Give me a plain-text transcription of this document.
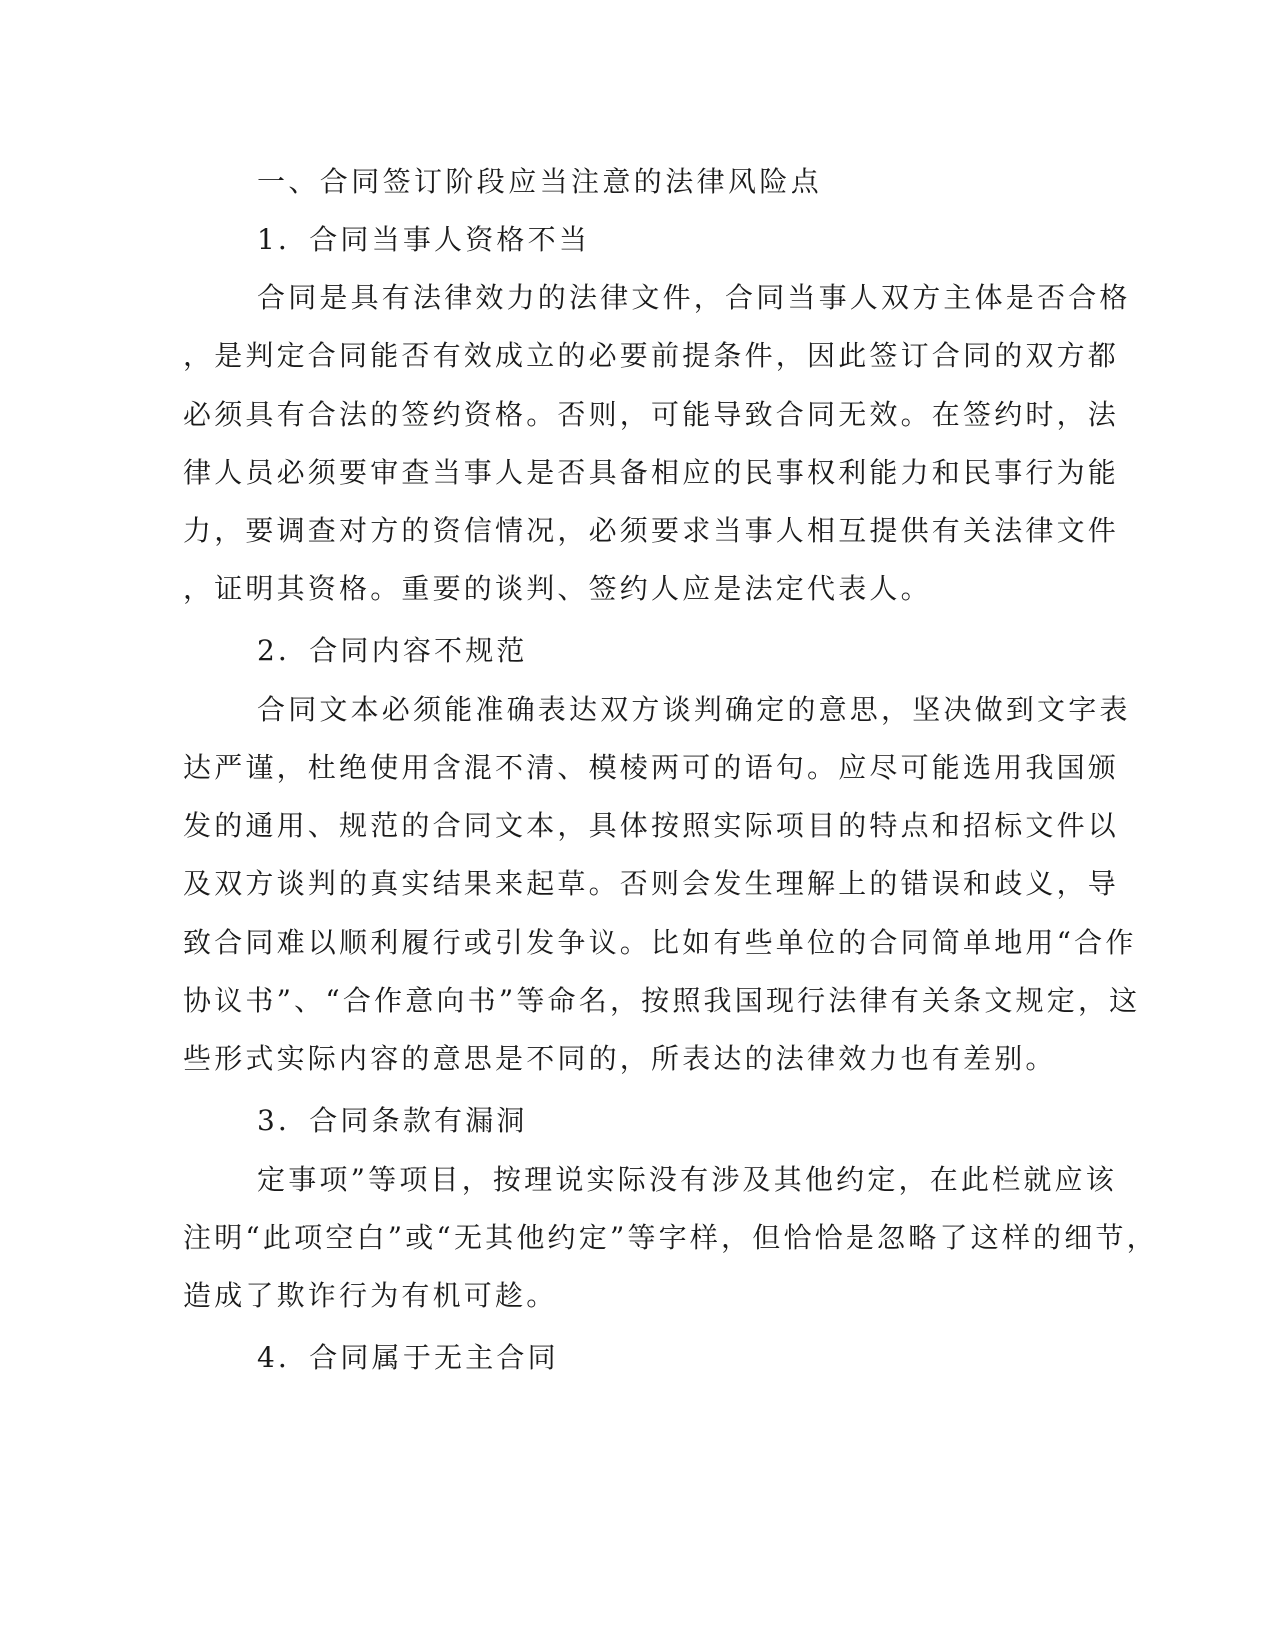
一、合同签订阶段应当注意的法律风险点
1．合同当事人资格不当
合同是具有法律效力的法律文件，合同当事人双方主体是否合格
，是判定合同能否有效成立的必要前提条件，因此签订合同的双方都
必须具有合法的签约资格。否则，可能导致合同无效。在签约时，法
律人员必须要审查当事人是否具备相应的民事权利能力和民事行为能
力，要调查对方的资信情况，必须要求当事人相互提供有关法律文件
，证明其资格。重要的谈判、签约人应是法定代表人。
2．合同内容不规范
合同文本必须能准确表达双方谈判确定的意思，坚决做到文字表
达严谨，杜绝使用含混不清、模棱两可的语句。应尽可能选用我国颁
发的通用、规范的合同文本，具体按照实际项目的特点和招标文件以
及双方谈判的真实结果来起草。否则会发生理解上的错误和歧义，导
致合同难以顺利履行或引发争议。比如有些单位的合同简单地用“合作
协议书”、“合作意向书”等命名，按照我国现行法律有关条文规定，这
些形式实际内容的意思是不同的，所表达的法律效力也有差别。
3．合同条款有漏洞
定事项”等项目，按理说实际没有涉及其他约定，在此栏就应该
注明“此项空白”或“无其他约定”等字样，但恰恰是忽略了这样的细节，
造成了欺诈行为有机可趁。
4．合同属于无主合同
